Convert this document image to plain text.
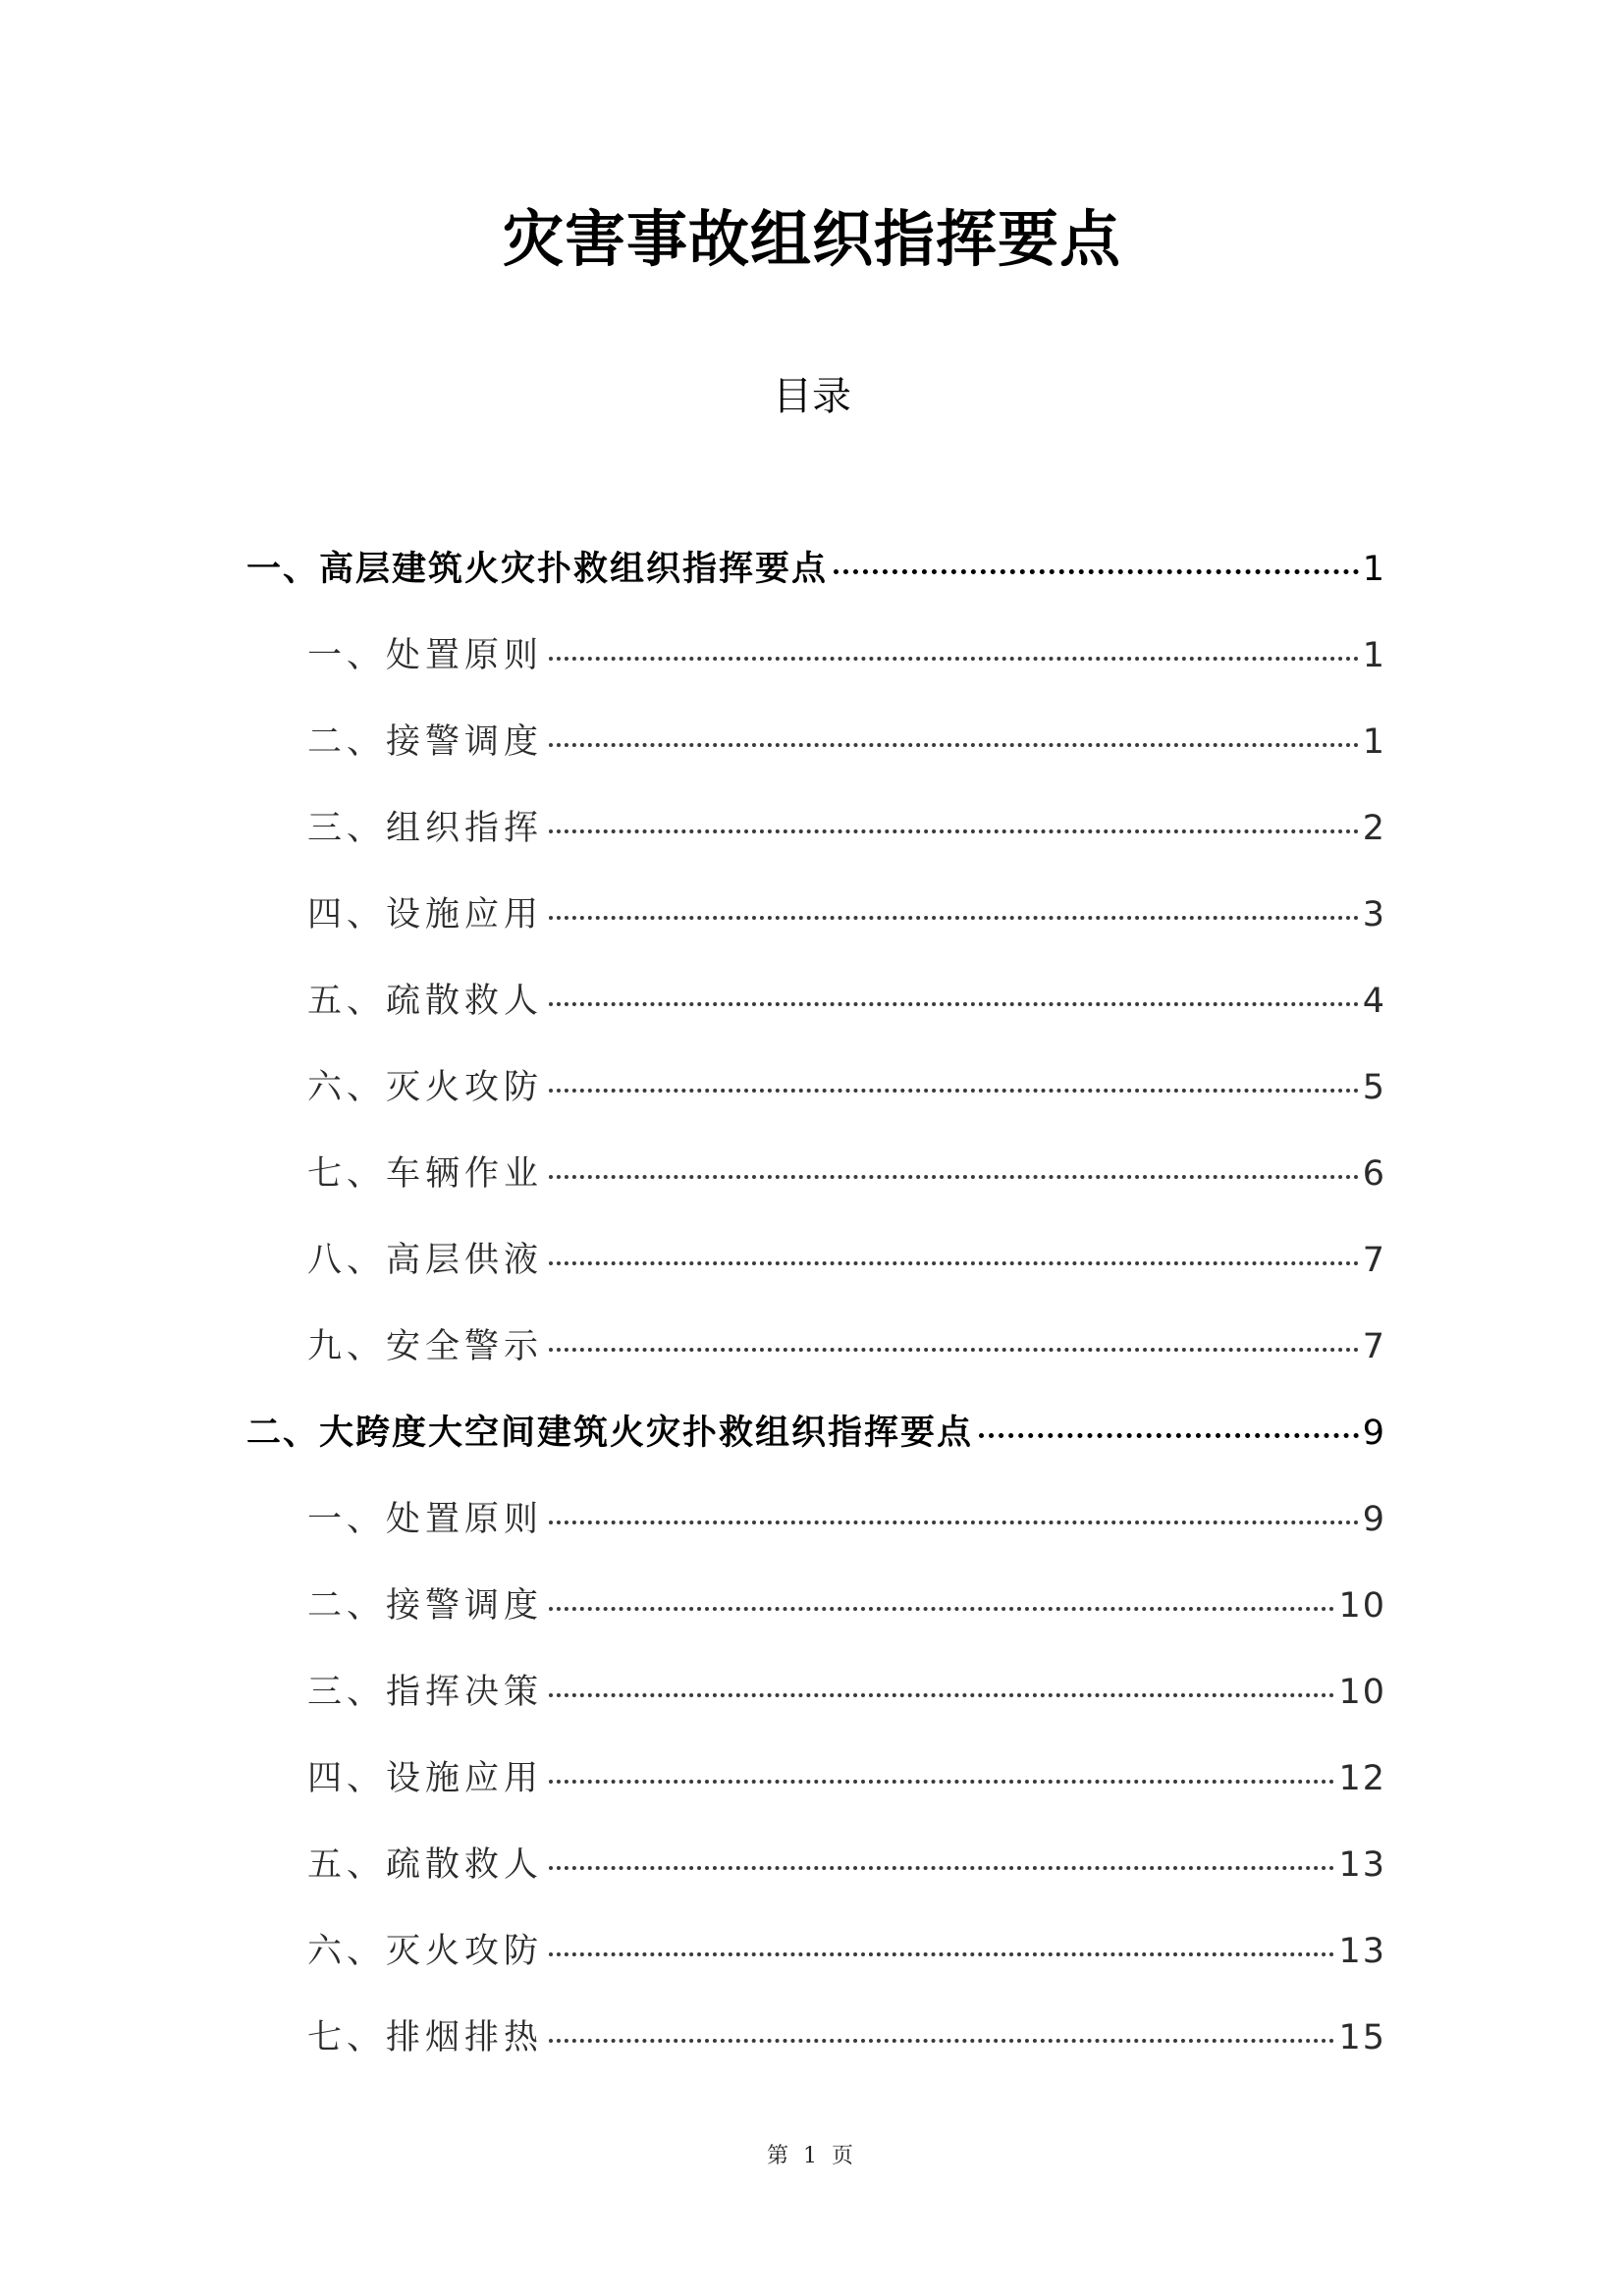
灾害事故组织指挥要点
目录
一、高层建筑火灾扑救组织指挥要点	1
一、处置原则	1
二、接警调度	1
三、组织指挥	2
四、设施应用	3
五、疏散救人	4
六、灭火攻防	5
七、车辆作业	6
八、高层供液	7
九、安全警示	7
二、大跨度大空间建筑火灾扑救组织指挥要点	9
一、处置原则	9
二、接警调度	10
三、指挥决策	10
四、设施应用	12
五、疏散救人	13
六、灭火攻防	13
七、排烟排热	15
第 1 页
